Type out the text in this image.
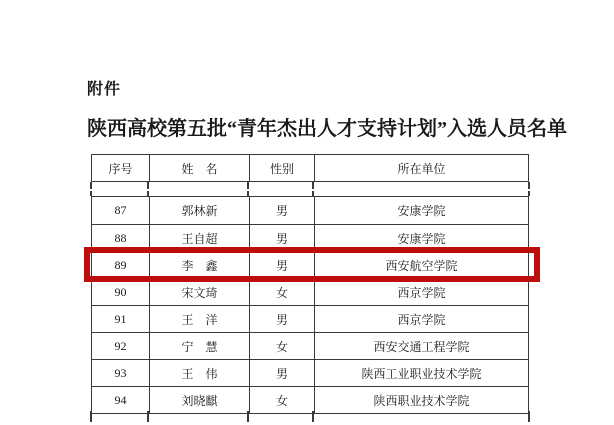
附件
陕西高校第五批“青年杰出人才支持计划”入选人员名单
序号	姓　名	性别	所在单位
87	郭林新	男	安康学院
88	王自超	男	安康学院
89	李　鑫	男	西安航空学院
90	宋文琦	女	西京学院
91	王　洋	男	西京学院
92	宁　慧	女	西安交通工程学院
93	王　伟	男	陕西工业职业技术学院
94	刘晓麒	女	陕西职业技术学院
